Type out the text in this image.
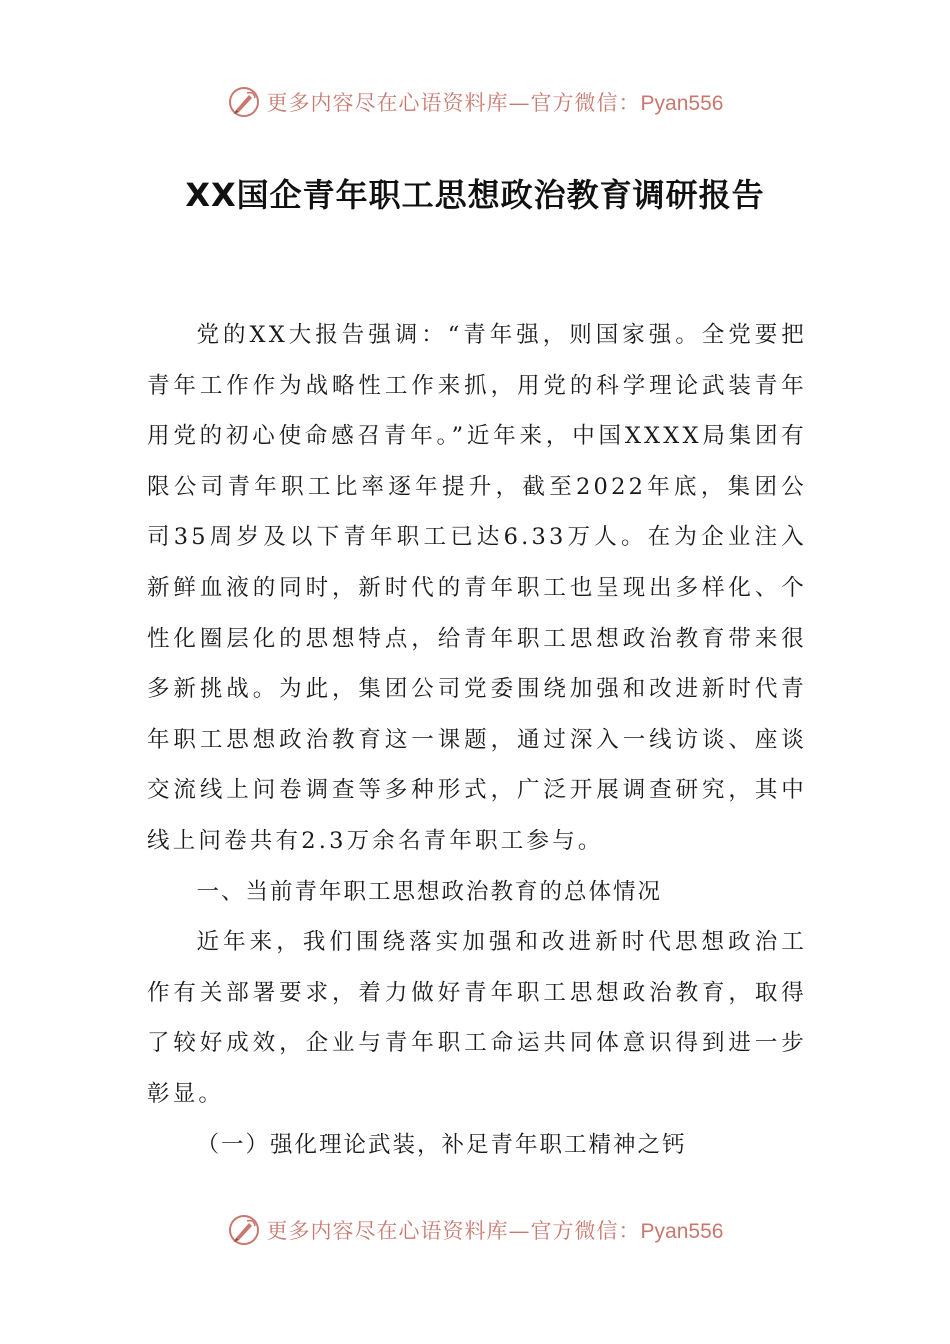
更多内容尽在心语资料库—官方微信：Pyan556
XX国企青年职工思想政治教育调研报告

党的XX大报告强调：“青年强，则国家强。全党要把青年工作作为战略性工作来抓，用党的科学理论武装青年用党的初心使命感召青年。”近年来，中国XXXX局集团有限公司青年职工比率逐年提升，截至2022年底，集团公司35周岁及以下青年职工已达6.33万人。在为企业注入新鲜血液的同时，新时代的青年职工也呈现出多样化、个性化圈层化的思想特点，给青年职工思想政治教育带来很多新挑战。为此，集团公司党委围绕加强和改进新时代青年职工思想政治教育这一课题，通过深入一线访谈、座谈交流线上问卷调查等多种形式，广泛开展调查研究，其中线上问卷共有2.3万余名青年职工参与。

一、当前青年职工思想政治教育的总体情况

近年来，我们围绕落实加强和改进新时代思想政治工作有关部署要求，着力做好青年职工思想政治教育，取得了较好成效，企业与青年职工命运共同体意识得到进一步彰显。

（一）强化理论武装，补足青年职工精神之钙

更多内容尽在心语资料库—官方微信：Pyan556
